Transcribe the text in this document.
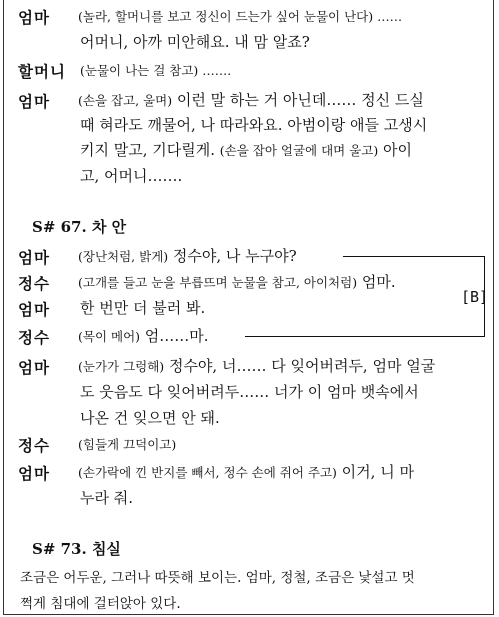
엄마 (놀라, 할머니를 보고 정신이 드는가 싶어 눈물이 난다) ……
어머니, 아까 미안해요. 내 맘 알죠?
할머니 (눈물이 나는 걸 참고) …….
엄마 (손을 잡고, 울며) 이런 말 하는 거 아닌데…… 정신 드실
때 혀라도 깨물어, 나 따라와요. 아범이랑 애들 고생시
키지 말고, 기다릴게. (손을 잡아 얼굴에 대며 울고) 아이
고, 어머니…….
S# 67. 차 안
엄마 (장난처럼, 밝게) 정수야, 나 누구야?
정수 (고개를 들고 눈을 부릅뜨며 눈물을 참고, 아이처럼) 엄마.
엄마 한 번만 더 불러 봐.
정수 (목이 메어) 엄……마.
[B]
엄마 (눈가가 그렁해) 정수야, 너…… 다 잊어버려두, 엄마 얼굴
도 웃음도 다 잊어버려두…… 너가 이 엄마 뱃속에서
나온 건 잊으면 안 돼.
정수 (힘들게 끄덕이고)
엄마 (손가락에 낀 반지를 빼서, 정수 손에 쥐어 주고) 이거, 니 마
누라 줘.
S# 73. 침실
조금은 어두운, 그러나 따뜻해 보이는. 엄마, 정철, 조금은 낯설고 멋
쩍게 침대에 걸터앉아 있다.
